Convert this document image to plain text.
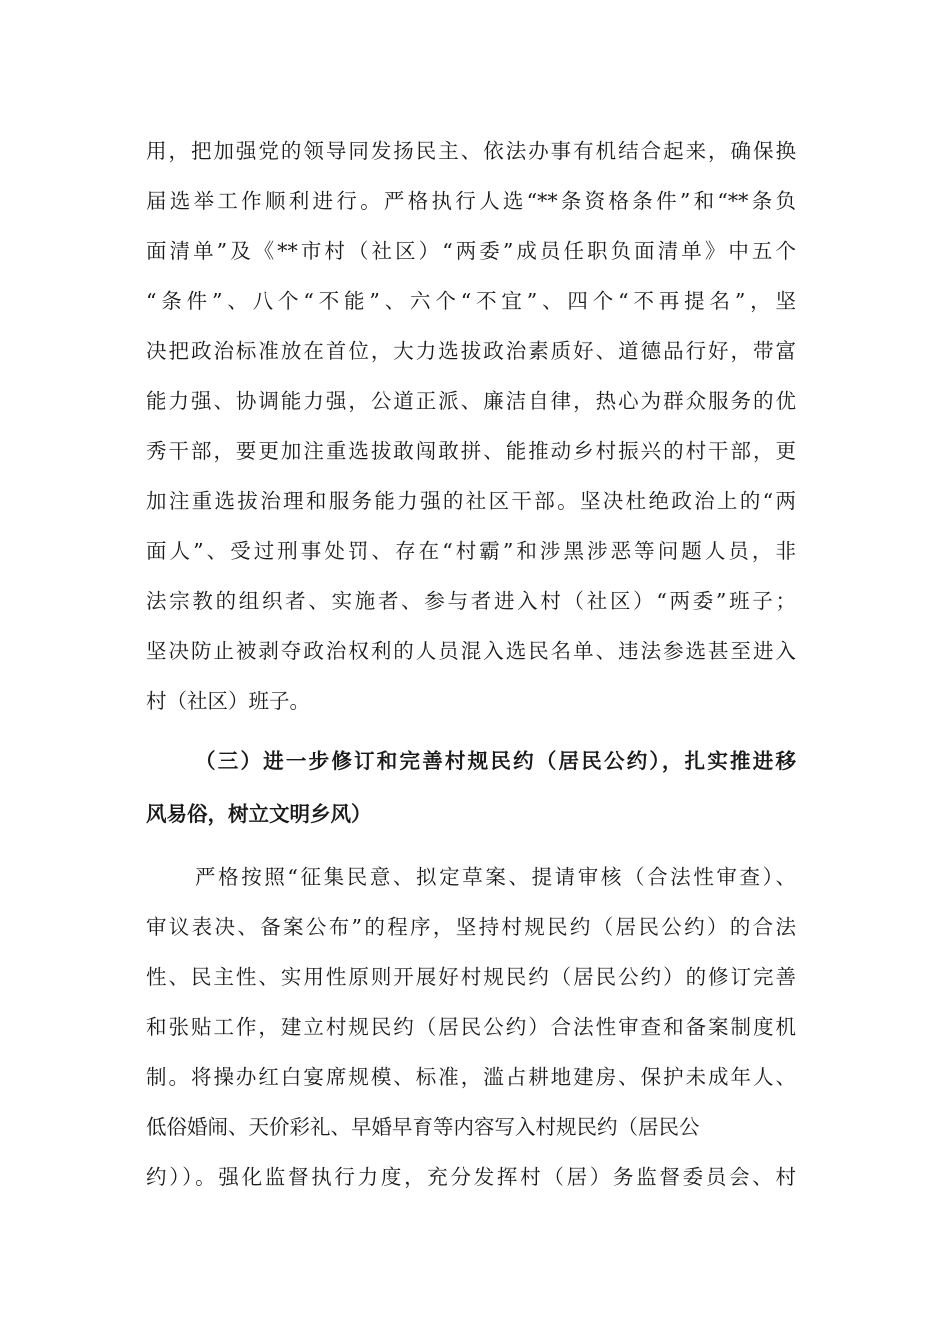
用，把加强党的领导同发扬民主、依法办事有机结合起来，确保换
届选举工作顺利进行。严格执行人选“**条资格条件”和“**条负
面清单”及《**市村（社区）“两委”成员任职负面清单》中五个
“条件”、八个“不能”、六个“不宜”、四个“不再提名”，坚
决把政治标准放在首位，大力选拔政治素质好、道德品行好，带富
能力强、协调能力强，公道正派、廉洁自律，热心为群众服务的优
秀干部，要更加注重选拔敢闯敢拼、能推动乡村振兴的村干部，更
加注重选拔治理和服务能力强的社区干部。坚决杜绝政治上的“两
面人”、受过刑事处罚、存在“村霸”和涉黑涉恶等问题人员，非
法宗教的组织者、实施者、参与者进入村（社区）“两委”班子；
坚决防止被剥夺政治权利的人员混入选民名单、违法参选甚至进入
村（社区）班子。
（三）进一步修订和完善村规民约（居民公约），扎实推进移
风易俗，树立文明乡风）
严格按照“征集民意、拟定草案、提请审核（合法性审查）、
审议表决、备案公布”的程序，坚持村规民约（居民公约）的合法
性、民主性、实用性原则开展好村规民约（居民公约）的修订完善
和张贴工作，建立村规民约（居民公约）合法性审查和备案制度机
制。将操办红白宴席规模、标准，滥占耕地建房、保护未成年人、
低俗婚闹、天价彩礼、早婚早育等内容写入村规民约（居民公
约））。强化监督执行力度，充分发挥村（居）务监督委员会、村
